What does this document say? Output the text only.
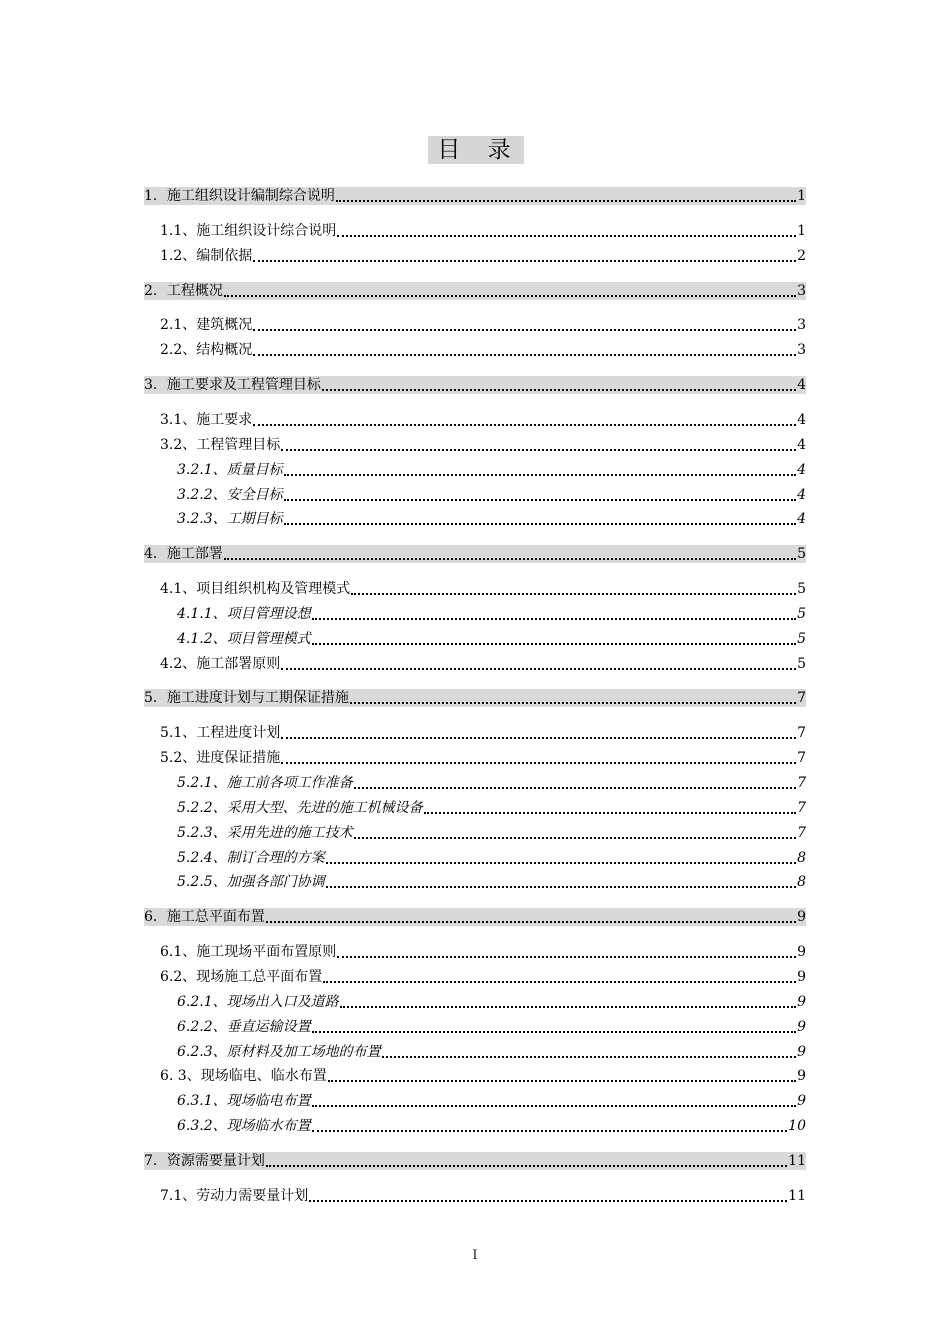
目 录
1．施工组织设计编制综合说明	1
1.1、施工组织设计综合说明	1
1.2、编制依据	2
2．工程概况	3
2.1、建筑概况	3
2.2、结构概况	3
3．施工要求及工程管理目标	4
3.1、施工要求	4
3.2、工程管理目标	4
3.2.1、质量目标	4
3.2.2、安全目标	4
3.2.3、工期目标	4
4．施工部署	5
4.1、项目组织机构及管理模式	5
4.1.1、项目管理设想	5
4.1.2、项目管理模式	5
4.2、施工部署原则	5
5．施工进度计划与工期保证措施	7
5.1、工程进度计划	7
5.2、进度保证措施	7
5.2.1、施工前各项工作准备	7
5.2.2、采用大型、先进的施工机械设备	7
5.2.3、采用先进的施工技术	7
5.2.4、制订合理的方案	8
5.2.5、加强各部门协调	8
6．施工总平面布置	9
6.1、施工现场平面布置原则	9
6.2、现场施工总平面布置	9
6.2.1、现场出入口及道路	9
6.2.2、垂直运输设置	9
6.2.3、原材料及加工场地的布置	9
6. 3、现场临电、临水布置	9
6.3.1、现场临电布置	9
6.3.2、现场临水布置	10
7．资源需要量计划	11
7.1、劳动力需要量计划	11
I
